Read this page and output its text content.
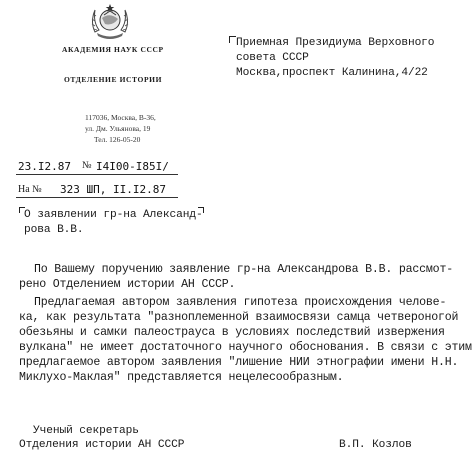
АКАДЕМИЯ НАУК СССР
ОТДЕЛЕНИЕ ИСТОРИИ
117036, Москва, В-36,
ул. Дм. Ульянова, 19
Тел. 126-05-20
Приемная Президиума Верховного
совета СССР
Москва,проспект Калинина,4/22
23.I2.87 № I4I00-I85I/
На № 323 ШП, II.I2.87
О заявлении гр-на Александ-
рова В.В.
По Вашему поручению заявление гр-на Александрова В.В. рассмот-
рено Отделением истории АН СССР.
Предлагаемая автором заявления гипотеза происхождения челове-
ка, как результата "разноплеменной взаимосвязи самца четвероногой
обезьяны и самки палеострауса в условиях последствий извержения
вулкана" не имеет достаточного научного обоснования. В связи с этим
предлагаемое автором заявления "лишение НИИ этнографии имени Н.Н.
Миклухо-Маклая" представляется нецелесообразным.
Ученый секретарь
Отделения истории АН СССР	В.П. Козлов
